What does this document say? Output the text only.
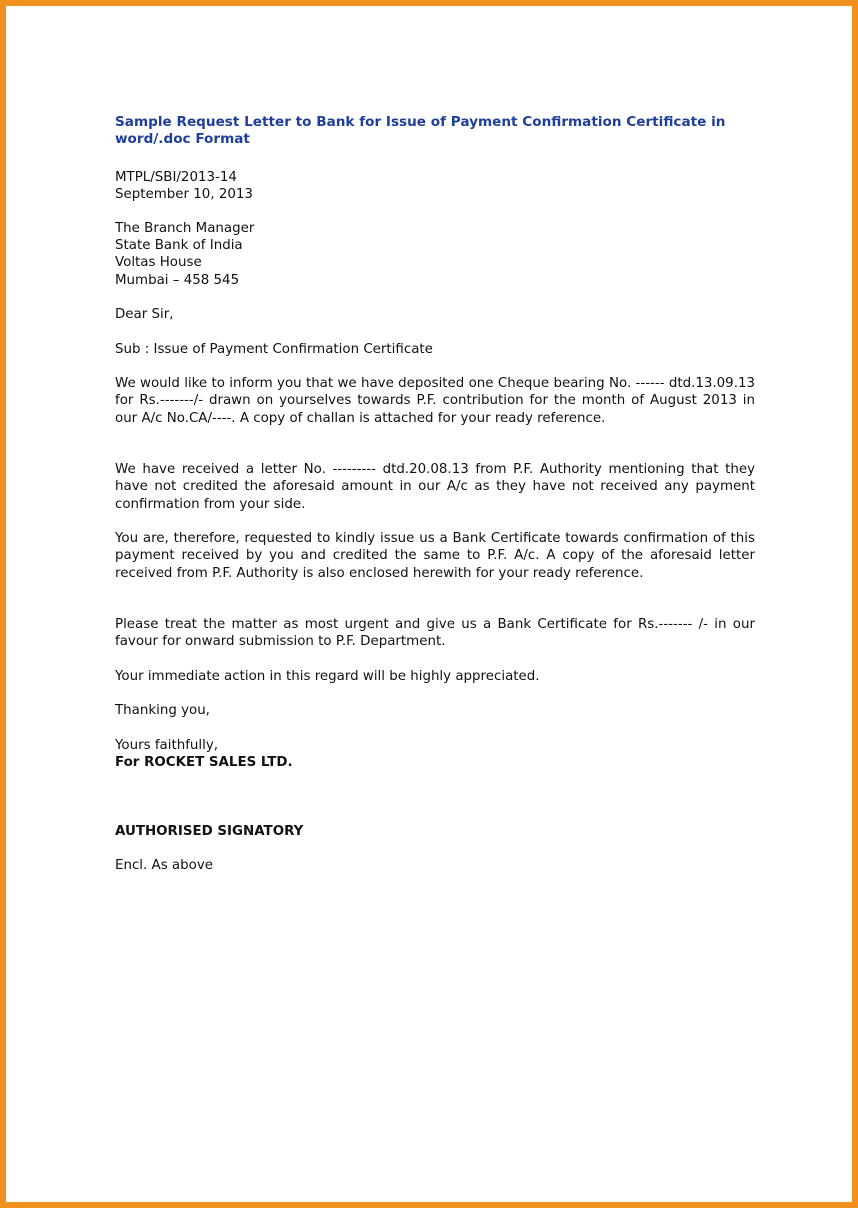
Sample Request Letter to Bank for Issue of Payment Confirmation Certificate in word/.doc Format
MTPL/SBI/2013-14
September 10, 2013
The Branch Manager
State Bank of India
Voltas House
Mumbai – 458 545
Dear Sir,
Sub : Issue of Payment Confirmation Certificate
We would like to inform you that we have deposited one Cheque bearing No. ------ dtd.13.09.13 for Rs.-------/- drawn on yourselves towards P.F. contribution for the month of August 2013 in our A/c No.CA/----. A copy of challan is attached for your ready reference.
We have received a letter No. --------- dtd.20.08.13 from P.F. Authority mentioning that they have not credited the aforesaid amount in our A/c as they have not received any payment confirmation from your side.
You are, therefore, requested to kindly issue us a Bank Certificate towards confirmation of this payment received by you and credited the same to P.F. A/c. A copy of the aforesaid letter received from P.F. Authority is also enclosed herewith for your ready reference.
Please treat the matter as most urgent and give us a Bank Certificate for Rs.------- /- in our favour for onward submission to P.F. Department.
Your immediate action in this regard will be highly appreciated.
Thanking you,
Yours faithfully,
For ROCKET SALES LTD.
AUTHORISED SIGNATORY
Encl. As above
